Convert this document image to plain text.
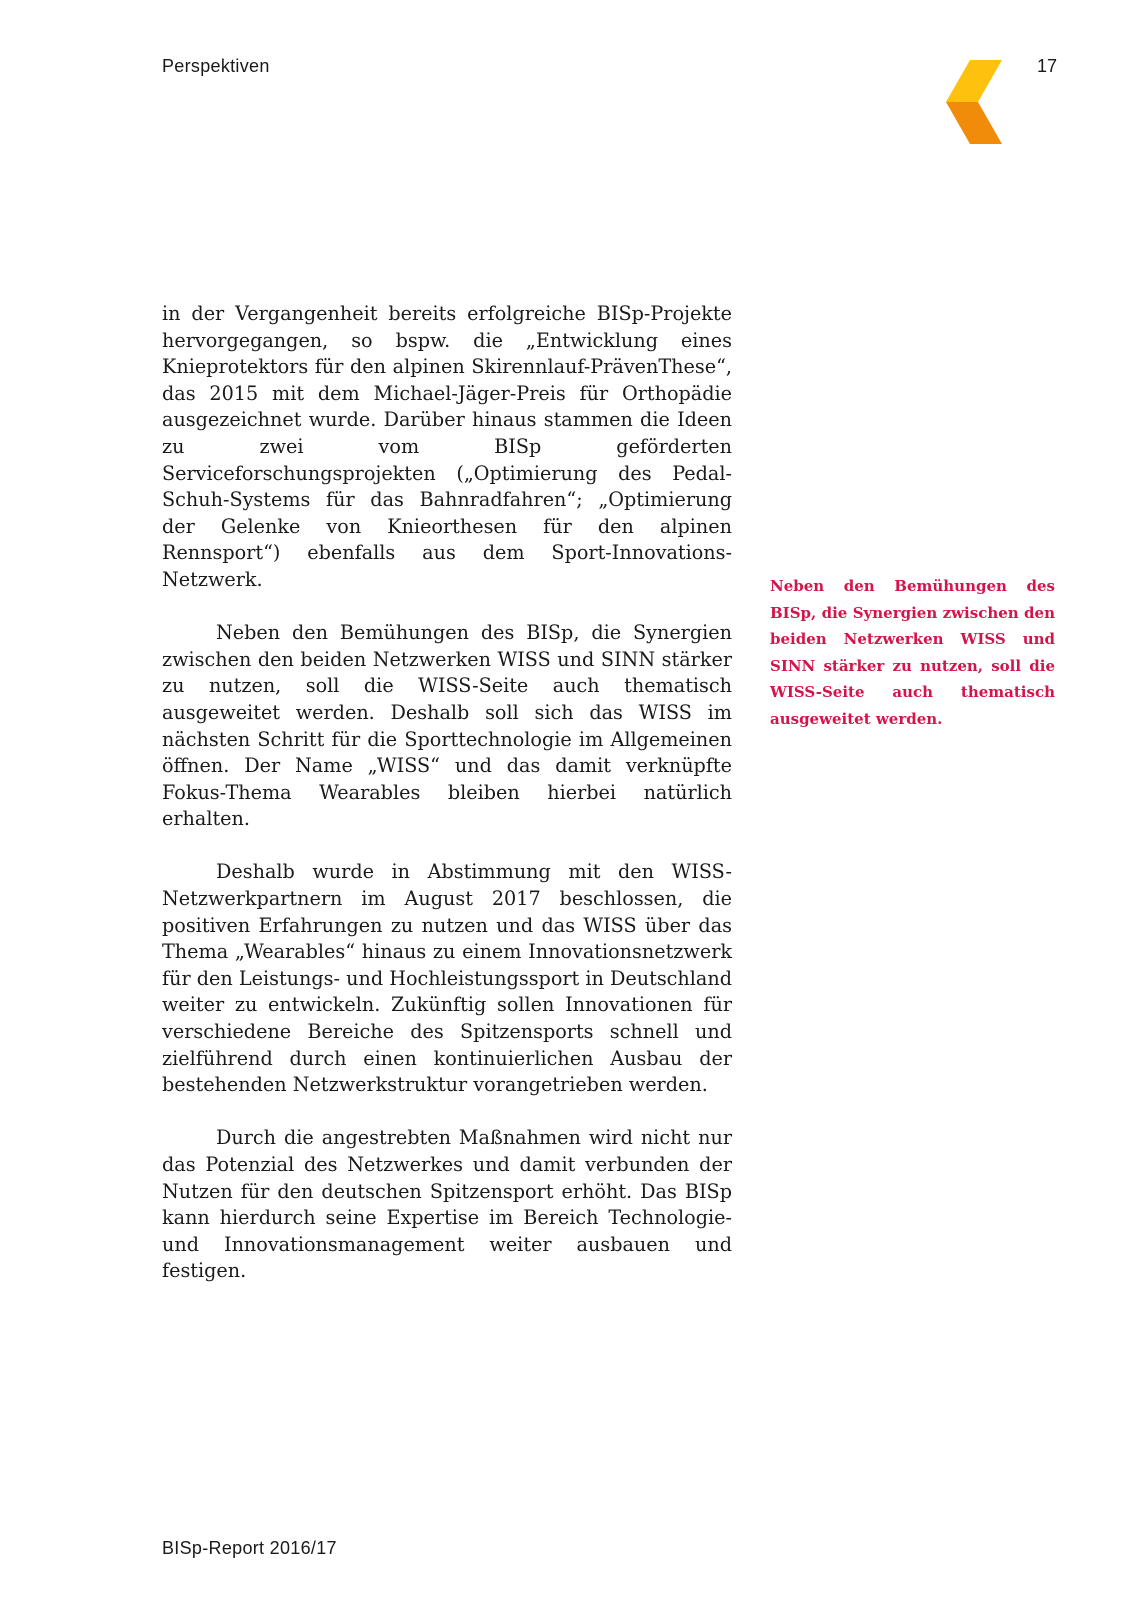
Perspektiven	17

in der Vergangenheit bereits erfolgreiche BISp-Projekte hervorgegangen, so bspw. die „Entwicklung eines Knieprotektors für den alpinen Skirennlauf-PrävenThese“, das 2015 mit dem Michael-Jäger-Preis für Orthopädie ausgezeichnet wurde. Darüber hinaus stammen die Ideen zu zwei vom BISp geförderten Serviceforschungsprojekten („Optimierung des Pedal-Schuh-Systems für das Bahnradfahren“; „Optimierung der Gelenke von Knieorthesen für den alpinen Rennsport“) ebenfalls aus dem Sport-Innovations-Netzwerk.

Neben den Bemühungen des BISp, die Synergien zwischen den beiden Netzwerken WISS und SINN stärker zu nutzen, soll die WISS-Seite auch thematisch ausgeweitet werden. Deshalb soll sich das WISS im nächsten Schritt für die Sporttechnologie im Allgemeinen öffnen. Der Name „WISS“ und das damit verknüpfte Fokus-Thema Wearables bleiben hierbei natürlich erhalten.

Deshalb wurde in Abstimmung mit den WISS-Netzwerkpartnern im August 2017 beschlossen, die positiven Erfahrungen zu nutzen und das WISS über das Thema „Wearables“ hinaus zu einem Innovationsnetzwerk für den Leistungs- und Hochleistungssport in Deutschland weiter zu entwickeln. Zukünftig sollen Innovationen für verschiedene Bereiche des Spitzensports schnell und zielführend durch einen kontinuierlichen Ausbau der bestehenden Netzwerkstruktur vorangetrieben werden.

Durch die angestrebten Maßnahmen wird nicht nur das Potenzial des Netzwerkes und damit verbunden der Nutzen für den deutschen Spitzensport erhöht. Das BISp kann hierdurch seine Expertise im Bereich Technologie- und Innovationsmanagement weiter ausbauen und festigen.

Neben den Bemühungen des BISp, die Synergien zwischen den beiden Netzwerken WISS und SINN stärker zu nutzen, soll die WISS-Seite auch thematisch ausgeweitet werden.
BISp-Report 2016/17
